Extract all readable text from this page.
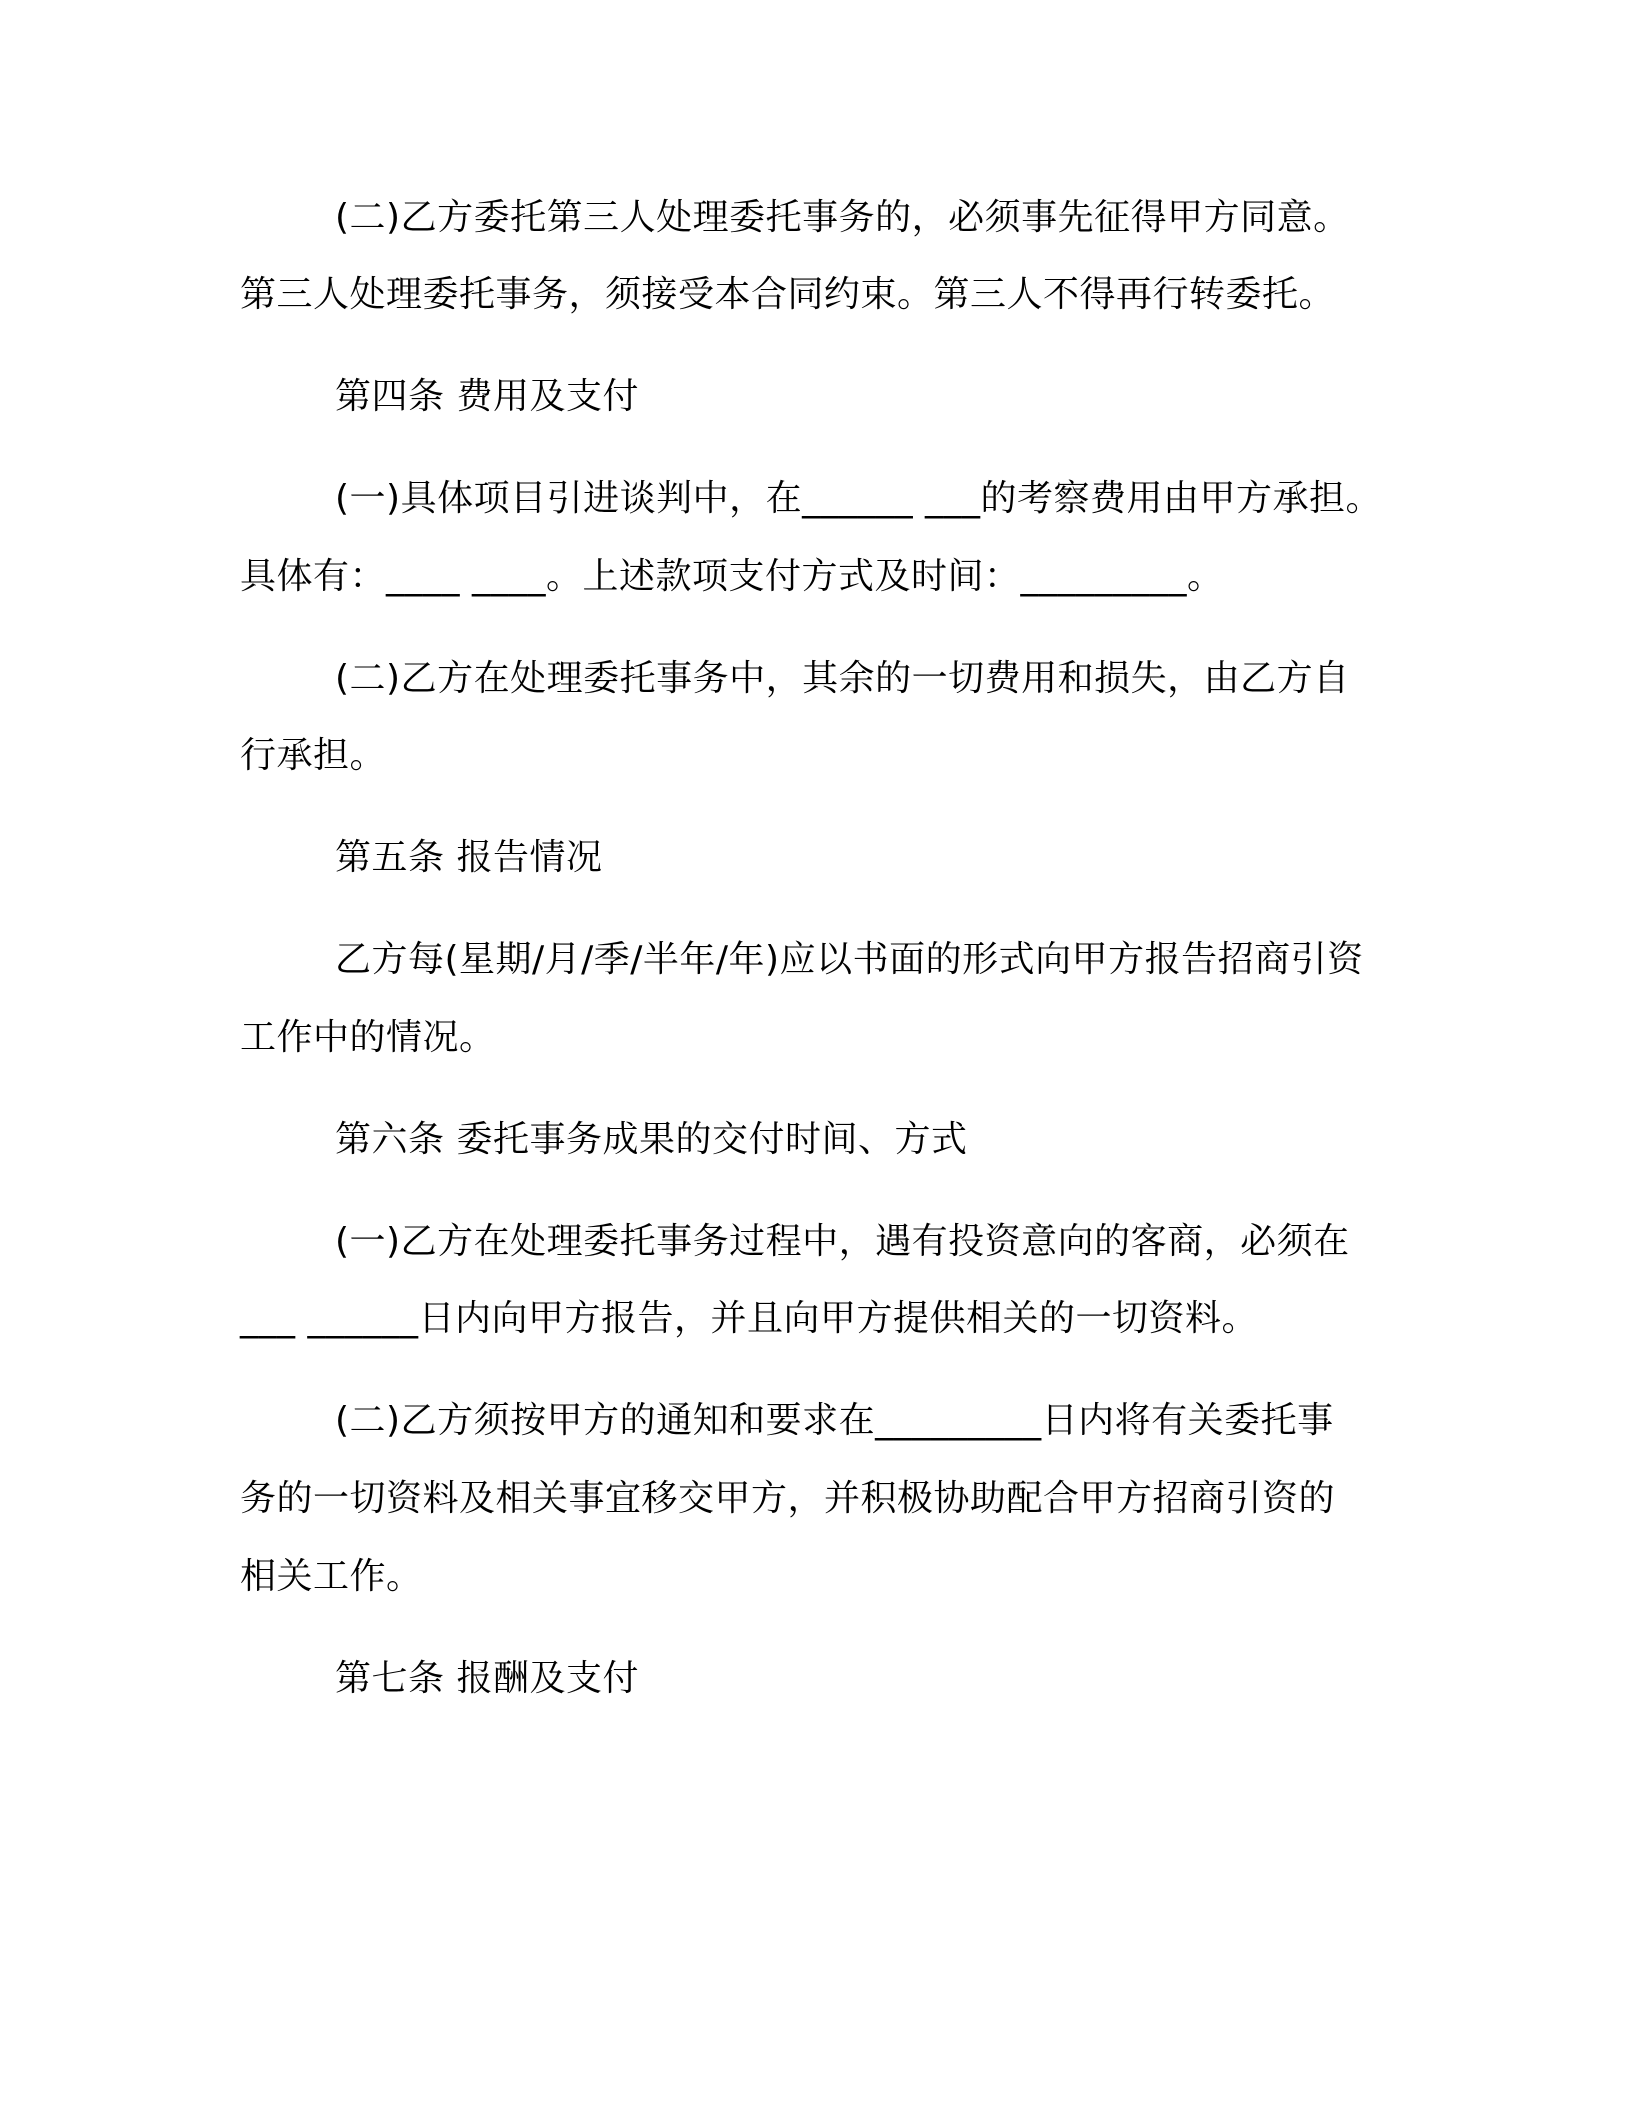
(二)乙方委托第三人处理委托事务的，必须事先征得甲方同意。

第三人处理委托事务，须接受本合同约束。第三人不得再行转委托。

第四条 费用及支付

(一)具体项目引进谈判中，在______ ___的考察费用由甲方承担。

具体有：____ ____。上述款项支付方式及时间：_________。

(二)乙方在处理委托事务中，其余的一切费用和损失，由乙方自

行承担。

第五条 报告情况

乙方每(星期/月/季/半年/年)应以书面的形式向甲方报告招商引资

工作中的情况。

第六条 委托事务成果的交付时间、方式

(一)乙方在处理委托事务过程中，遇有投资意向的客商，必须在

___ ______日内向甲方报告，并且向甲方提供相关的一切资料。

(二)乙方须按甲方的通知和要求在_________日内将有关委托事

务的一切资料及相关事宜移交甲方，并积极协助配合甲方招商引资的

相关工作。

第七条 报酬及支付
